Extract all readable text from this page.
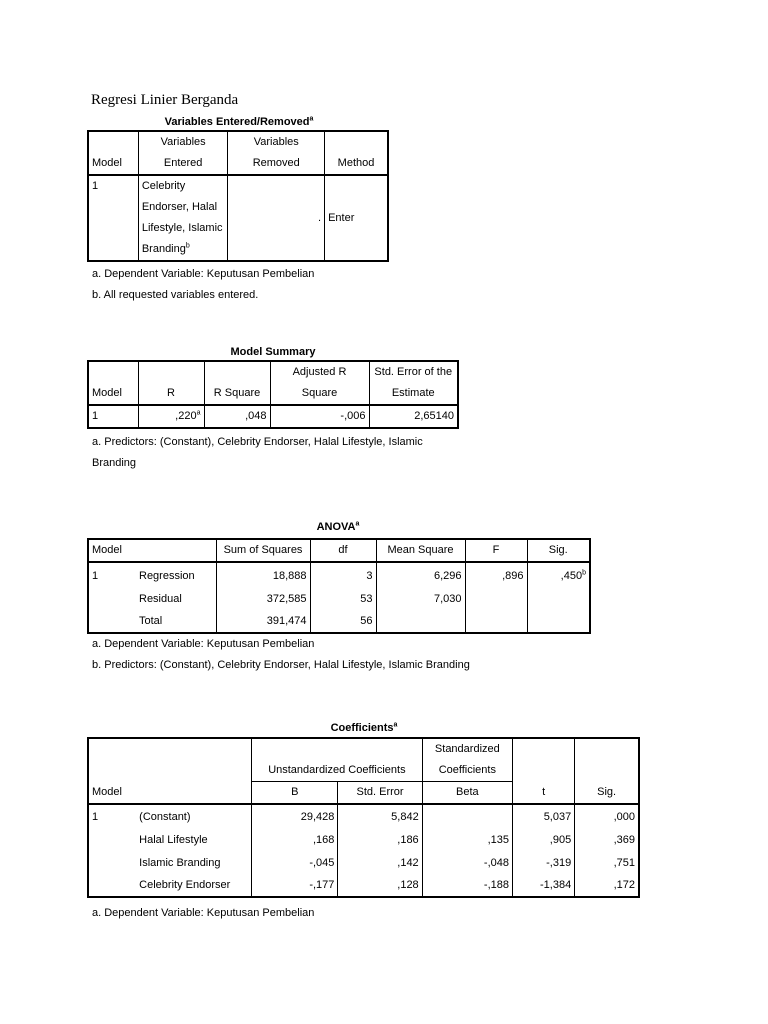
Regresi Linier Berganda
Variables Entered/Removed$^a$
	Variables	Variables	
Model	Entered	Removed	Method
1	Celebrity
Endorser, Halal
Lifestyle, Islamic
Branding$^b$	.	Enter
a. Dependent Variable: Keputusan Pembelian
b. All requested variables entered.
Model Summary
			Adjusted R	Std. Error of the
Model	R	R Square	Square	Estimate
1	,220$^a$	,048	-,006	2,65140
a. Predictors: (Constant), Celebrity Endorser, Halal Lifestyle, Islamic
Branding
ANOVA$^a$
Model		Sum of Squares	df	Mean Square	F	Sig.
1	Regression	18,888	3	6,296	,896	,450$^b$
	Residual	372,585	53	7,030		
	Total	391,474	56			
a. Dependent Variable: Keputusan Pembelian
b. Predictors: (Constant), Celebrity Endorser, Halal Lifestyle, Islamic Branding
Coefficients$^a$
				Standardized		
		Unstandardized Coefficients		Coefficients		
Model		B	Std. Error	Beta	t	Sig.
1	(Constant)	29,428	5,842		5,037	,000
	Halal Lifestyle	,168	,186	,135	,905	,369
	Islamic Branding	-,045	,142	-,048	-,319	,751
	Celebrity Endorser	-,177	,128	-,188	-1,384	,172
a. Dependent Variable: Keputusan Pembelian
